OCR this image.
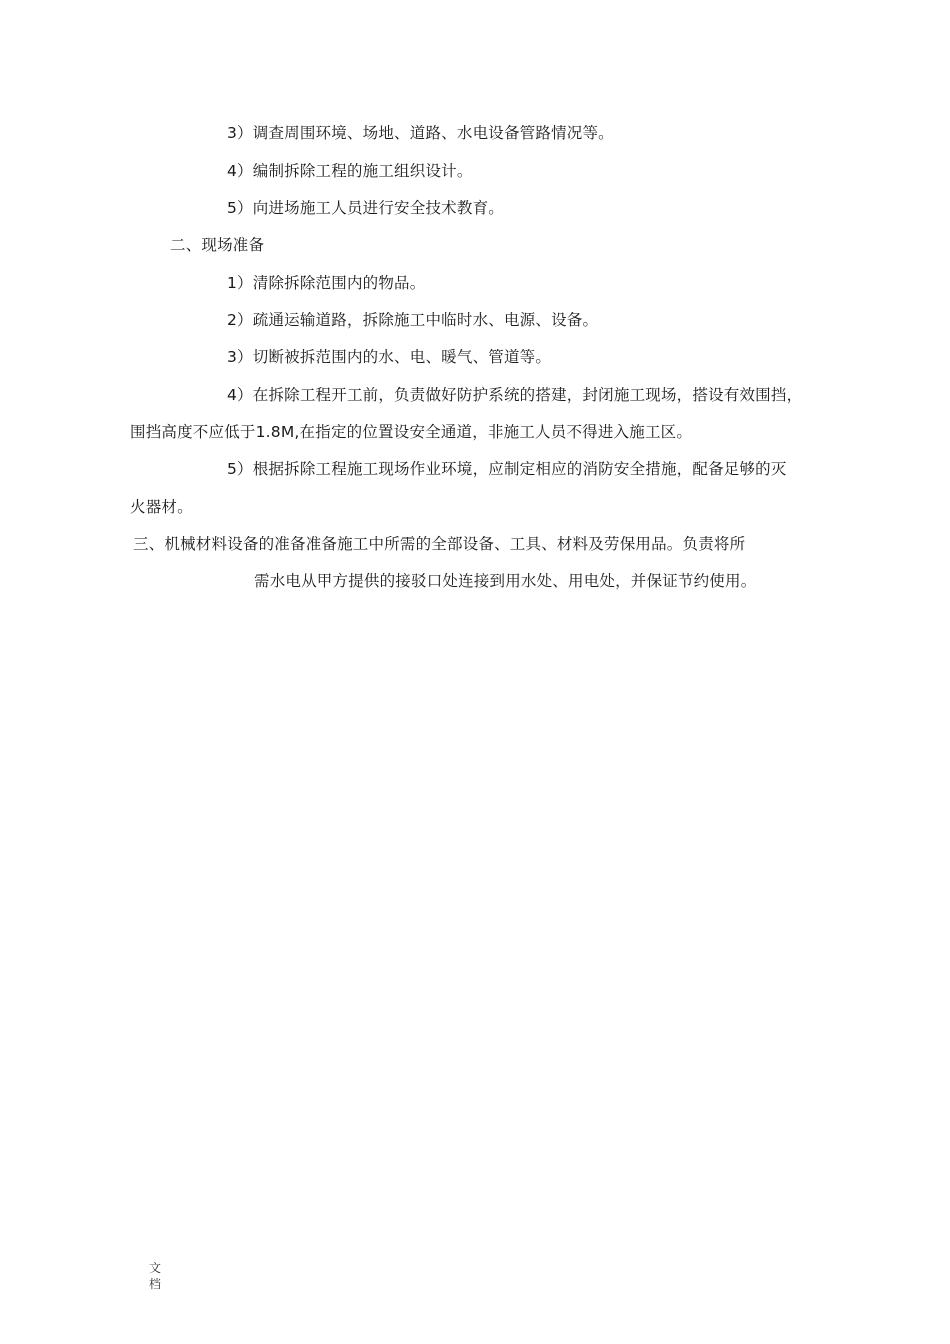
3）调查周围环境、场地、道路、水电设备管路情况等。
4）编制拆除工程的施工组织设计。
5）向进场施工人员进行安全技术教育。
二、现场准备
1）清除拆除范围内的物品。
2）疏通运输道路，拆除施工中临时水、电源、设备。
3）切断被拆范围内的水、电、暖气、管道等。
4）在拆除工程开工前，负责做好防护系统的搭建，封闭施工现场，搭设有效围挡，
围挡高度不应低于1.8M,在指定的位置设安全通道，非施工人员不得进入施工区。
5）根据拆除工程施工现场作业环境，应制定相应的消防安全措施，配备足够的灭
火器材。
三、机械材料设备的准备准备施工中所需的全部设备、工具、材料及劳保用品。负责将所
需水电从甲方提供的接驳口处连接到用水处、用电处，并保证节约使用。
文
档
